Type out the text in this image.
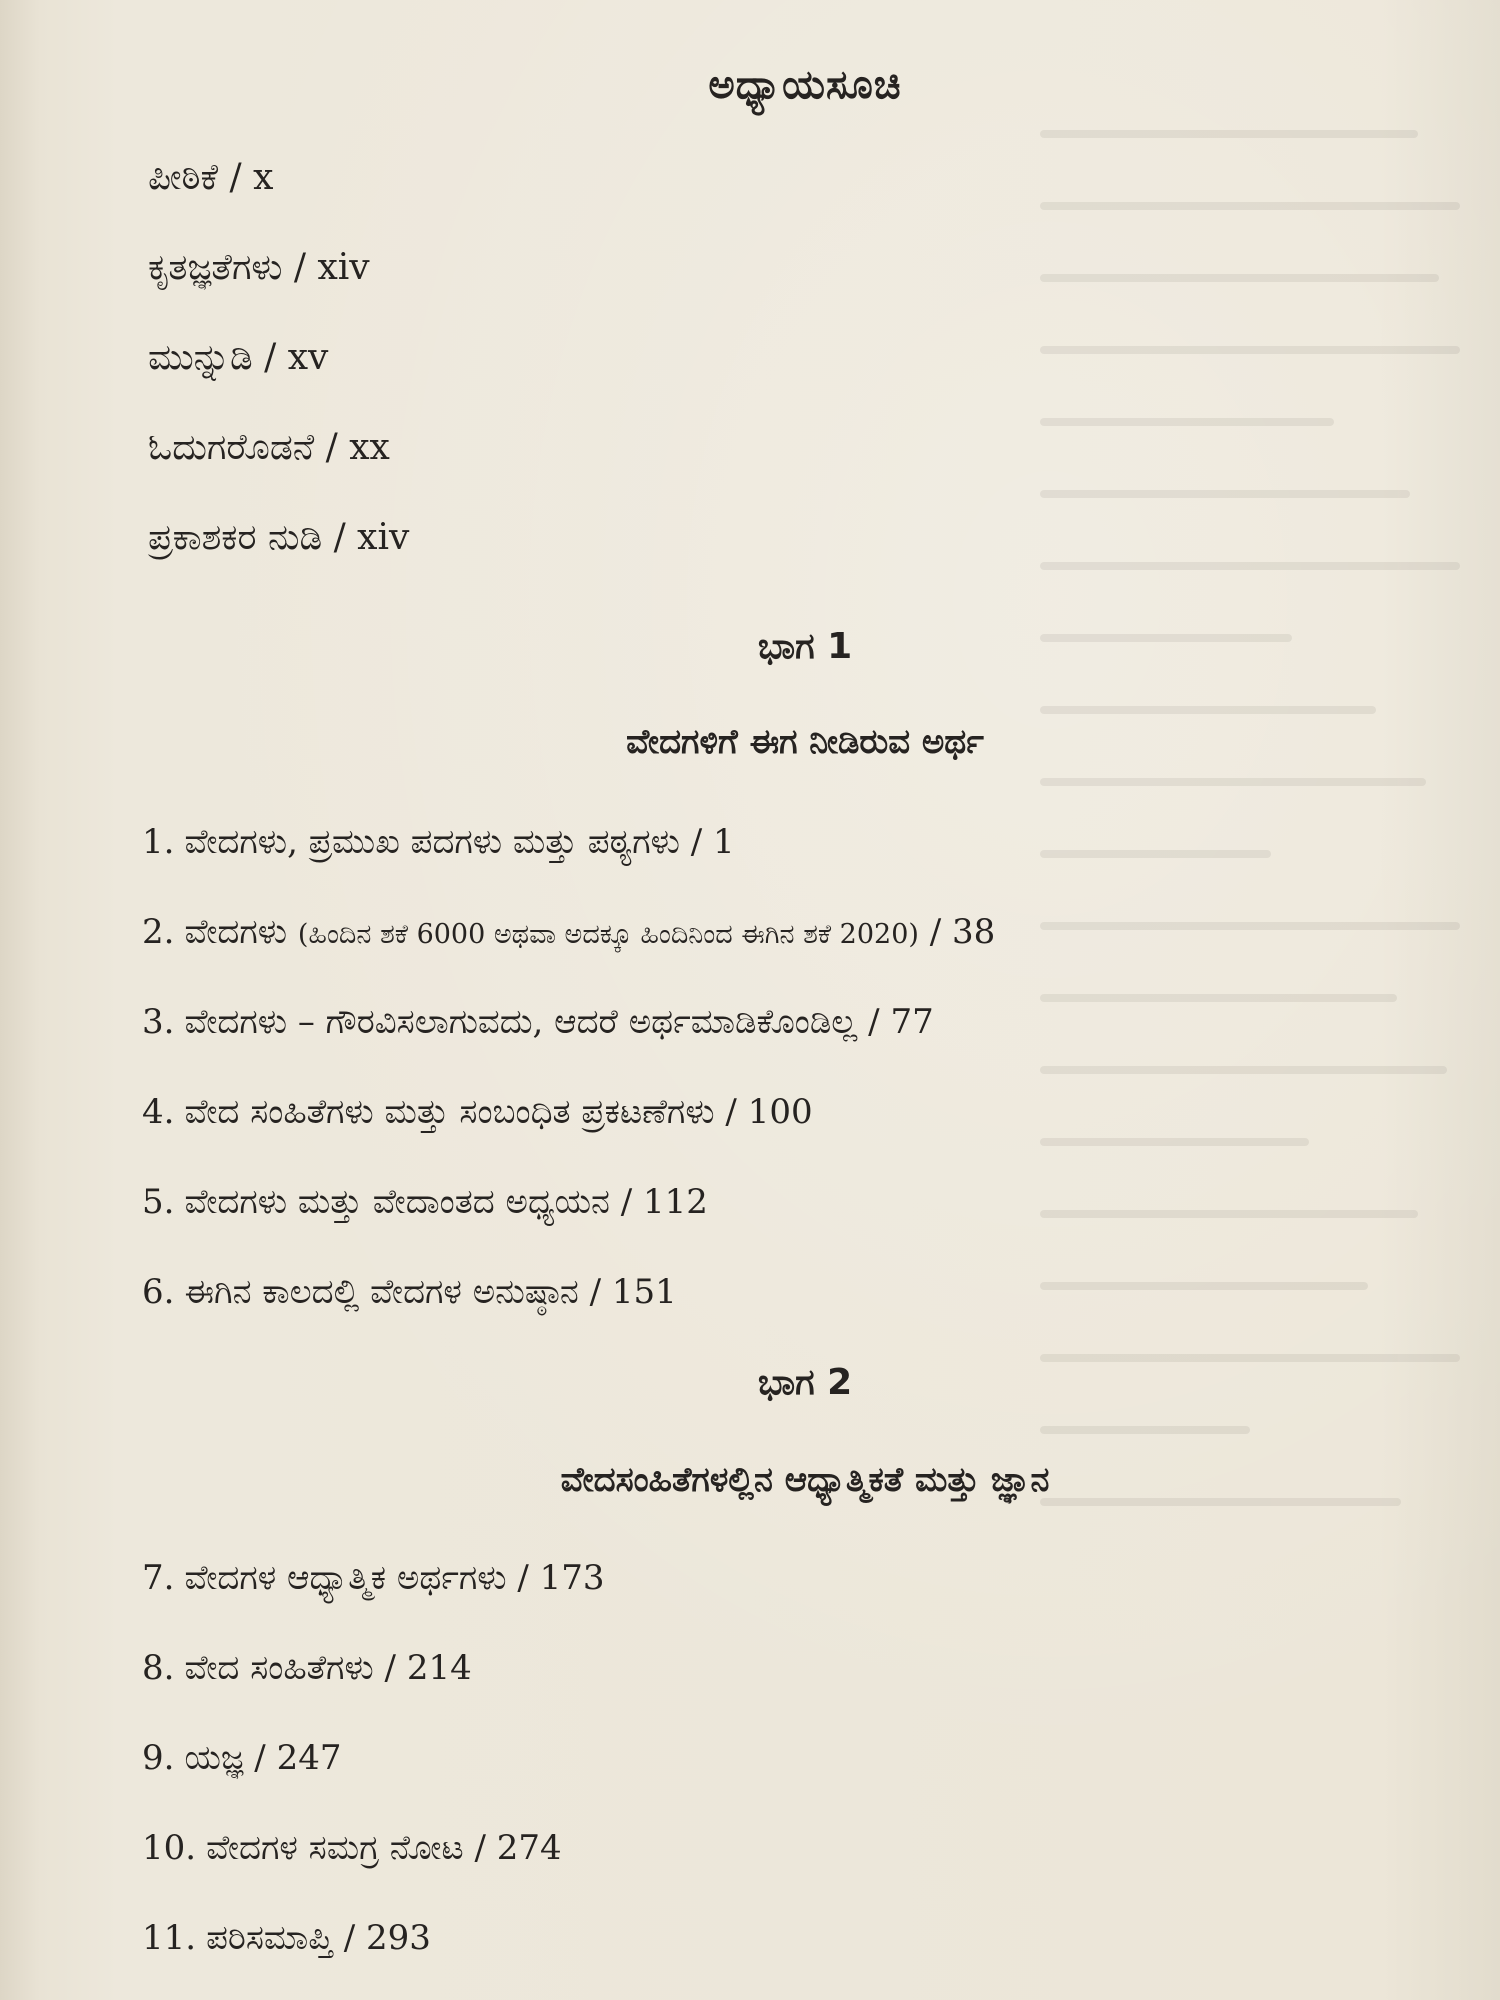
ಅಧ್ಯಾಯಸೂಚಿ
ಪೀಠಿಕೆ / x
ಕೃತಜ್ಞತೆಗಳು / xiv
ಮುನ್ನುಡಿ / xv
ಓದುಗರೊಡನೆ / xx
ಪ್ರಕಾಶಕರ ನುಡಿ / xiv
ಭಾಗ 1
ವೇದಗಳಿಗೆ ಈಗ ನೀಡಿರುವ ಅರ್ಥ
1. ವೇದಗಳು, ಪ್ರಮುಖ ಪದಗಳು ಮತ್ತು ಪಠ್ಯಗಳು / 1
2. ವೇದಗಳು (ಹಿಂದಿನ ಶಕೆ 6000 ಅಥವಾ ಅದಕ್ಕೂ ಹಿಂದಿನಿಂದ ಈಗಿನ ಶಕೆ 2020) / 38
3. ವೇದಗಳು – ಗೌರವಿಸಲಾಗುವದು, ಆದರೆ ಅರ್ಥಮಾಡಿಕೊಂಡಿಲ್ಲ / 77
4. ವೇದ ಸಂಹಿತೆಗಳು ಮತ್ತು ಸಂಬಂಧಿತ ಪ್ರಕಟಣೆಗಳು / 100
5. ವೇದಗಳು ಮತ್ತು ವೇದಾಂತದ ಅಧ್ಯಯನ / 112
6. ಈಗಿನ ಕಾಲದಲ್ಲಿ ವೇದಗಳ ಅನುಷ್ಠಾನ / 151
ಭಾಗ 2
ವೇದಸಂಹಿತೆಗಳಲ್ಲಿನ ಆಧ್ಯಾತ್ಮಿಕತೆ ಮತ್ತು ಜ್ಞಾನ
7. ವೇದಗಳ ಆಧ್ಯಾತ್ಮಿಕ ಅರ್ಥಗಳು / 173
8. ವೇದ ಸಂಹಿತೆಗಳು / 214
9. ಯಜ್ಞ / 247
10. ವೇದಗಳ ಸಮಗ್ರ ನೋಟ / 274
11. ಪರಿಸಮಾಪ್ತಿ / 293
